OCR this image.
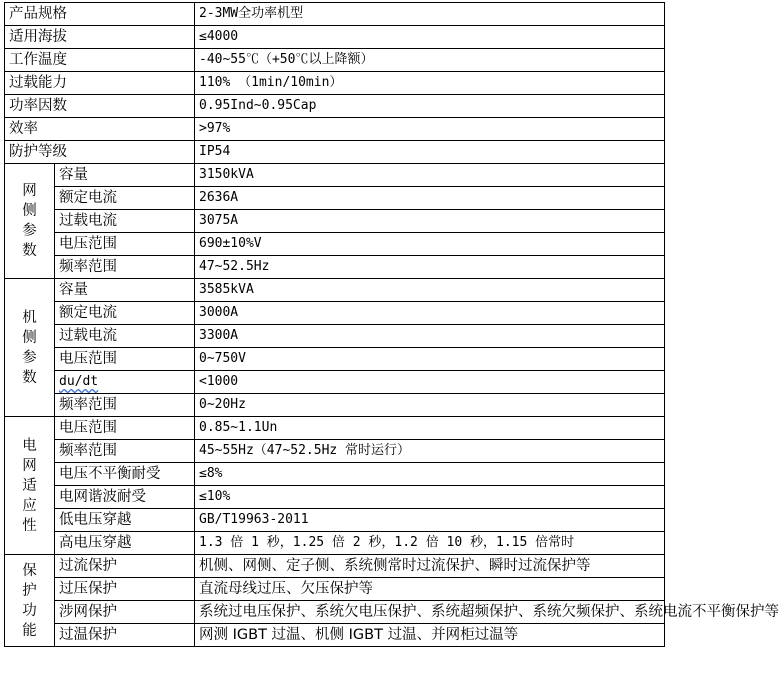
产品规格		2-3MW全功率机型
适用海拔		≤4000
工作温度		-40~55℃（+50℃以上降额）
过载能力		110% （1min/10min）
功率因数		0.95Ind~0.95Cap
效率		>97%
防护等级		IP54

网
侧
参
数	容量	3150kVA
	额定电流	2636A
	过载电流	3075A
	电压范围	690±10%V
	频率范围	47~52.5Hz

机
侧
参
数	容量	3585kVA
	额定电流	3000A
	过载电流	3300A
	电压范围	0~750V
	du/dt	<1000
	频率范围	0~20Hz

电
网
适
应
性	电压范围	0.85~1.1Un
	频率范围	45~55Hz（47~52.5Hz 常时运行）
	电压不平衡耐受	≤8%
	电网谐波耐受	≤10%
	低电压穿越	GB/T19963-2011
	高电压穿越	1.3 倍 1 秒，1.25 倍 2 秒，1.2 倍 10 秒，1.15 倍常时

保
护
功
能	过流保护	机侧、网侧、定子侧、系统侧常时过流保护、瞬时过流保护等
	过压保护	直流母线过压、欠压保护等
	涉网保护	系统过电压保护、系统欠电压保护、系统超频保护、系统欠频保护、系统电流不平衡保护等
	过温保护	网测 IGBT 过温、机侧 IGBT 过温、并网柜过温等
